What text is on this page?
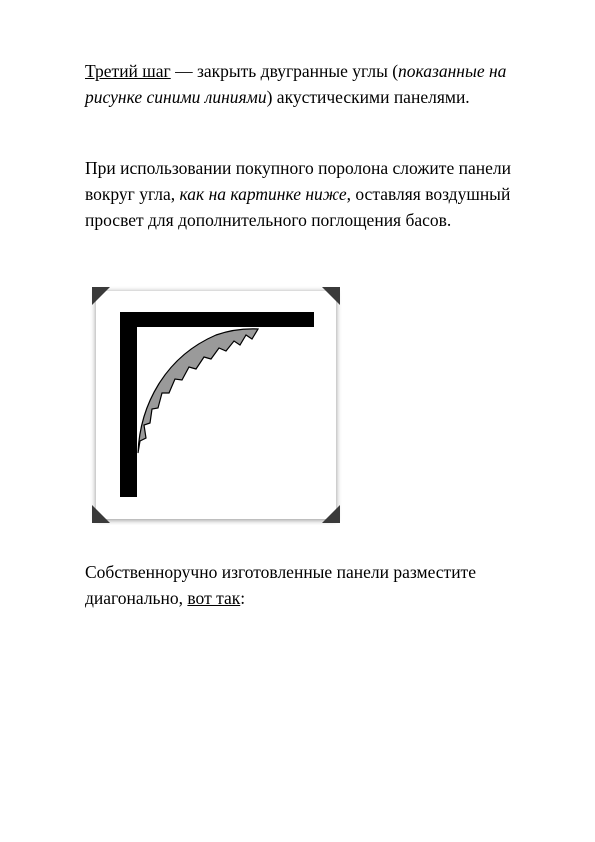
Третий шаг — закрыть двугранные углы (показанные на рисунке синими линиями) акустическими панелями.

При использовании покупного поролона сложите панели вокруг угла, как на картинке ниже, оставляя воздушный просвет для дополнительного поглощения басов.

Собственноручно изготовленные панели разместите диагонально, вот так:
